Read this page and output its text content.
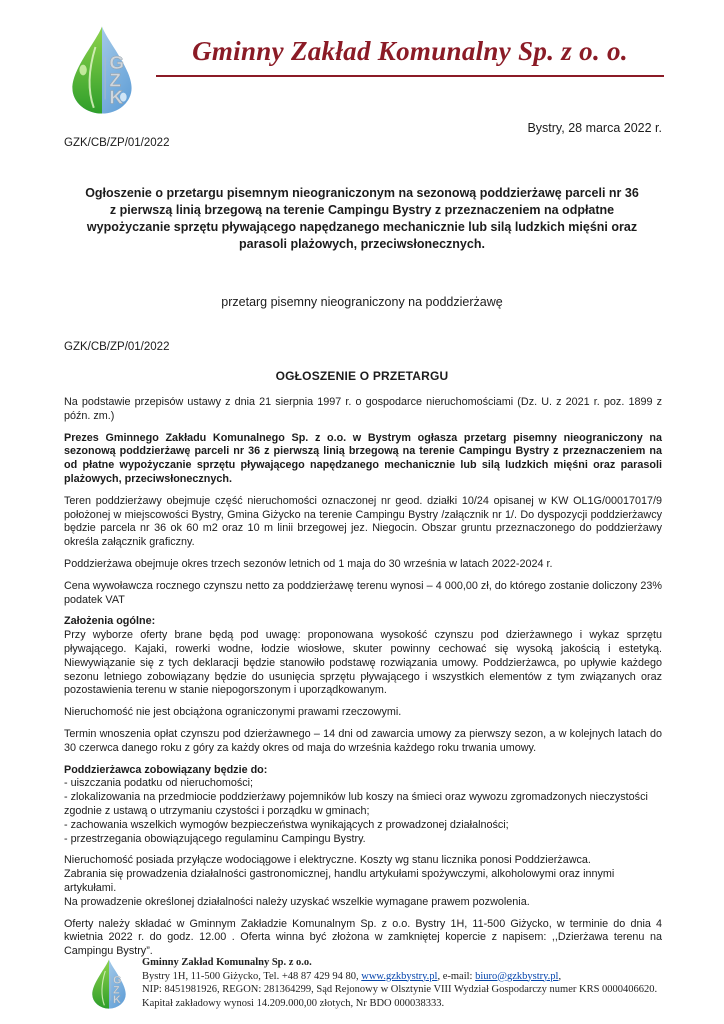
G
Z
K
Gminny Zakład Komunalny Sp. z o. o.
Bystry, 28 marca 2022 r.
GZK/CB/ZP/01/2022
Ogłoszenie o przetargu pisemnym nieograniczonym na sezonową poddzierżawę parceli nr 36 z pierwszą linią brzegową na terenie Campingu Bystry z przeznaczeniem na odpłatne wypożyczanie sprzętu pływającego napędzanego mechanicznie lub silą ludzkich mięśni oraz parasoli plażowych, przeciwsłonecznych.
przetarg pisemny nieograniczony na poddzierżawę
GZK/CB/ZP/01/2022
OGŁOSZENIE O PRZETARGU

Na podstawie przepisów ustawy z dnia 21 sierpnia 1997 r. o gospodarce nieruchomościami (Dz. U. z 2021 r. poz. 1899 z późn. zm.)

Prezes Gminnego Zakładu Komunalnego Sp. z o.o. w Bystrym ogłasza przetarg pisemny nieograniczony na sezonową poddzierżawę parceli nr 36 z pierwszą linią brzegową na terenie Campingu Bystry z przeznaczeniem na od płatne wypożyczanie sprzętu pływającego napędzanego mechanicznie lub silą ludzkich mięśni oraz parasoli plażowych, przeciwsłonecznych.

Teren poddzierżawy obejmuje część nieruchomości oznaczonej nr geod. działki 10/24 opisanej w KW OL1G/00017017/9 położonej w miejscowości Bystry, Gmina Giżycko na terenie Campingu Bystry /załącznik nr 1/. Do dyspozycji poddzierżawcy będzie parcela nr 36 ok 60 m2 oraz 10 m linii brzegowej jez. Niegocin. Obszar gruntu przeznaczonego do poddzierżawy określa załącznik graficzny.

Poddzierżawa obejmuje okres trzech sezonów letnich od 1 maja do 30 września w latach 2022-2024 r.

Cena wywoławcza rocznego czynszu netto za poddzierżawę terenu wynosi – 4 000,00 zł, do którego zostanie doliczony 23% podatek VAT

Założenia ogólne:

Przy wyborze oferty brane będą pod uwagę: proponowana wysokość czynszu pod dzierżawnego i wykaz sprzętu pływającego. Kajaki, rowerki wodne, łodzie wiosłowe, skuter powinny cechować się wysoką jakością i estetyką. Niewywiązanie się z tych deklaracji będzie stanowiło podstawę rozwiązania umowy. Poddzierżawca, po upływie każdego sezonu letniego zobowiązany będzie do usunięcia sprzętu pływającego i wszystkich elementów z tym związanych oraz pozostawienia terenu w stanie niepogorszonym i uporządkowanym.

Nieruchomość nie jest obciążona ograniczonymi prawami rzeczowymi.

Termin wnoszenia opłat czynszu pod dzierżawnego – 14 dni od zawarcia umowy za pierwszy sezon, a w kolejnych latach do 30 czerwca danego roku z góry za każdy okres od maja do września każdego roku trwania umowy.

Poddzierżawca zobowiązany będzie do:

- uiszczania podatku od nieruchomości;
- zlokalizowania na przedmiocie poddzierżawy pojemników lub koszy na śmieci oraz wywozu zgromadzonych nieczystości zgodnie z ustawą o utrzymaniu czystości i porządku w gminach;
- zachowania wszelkich wymogów bezpieczeństwa wynikających z prowadzonej działalności;
- przestrzegania obowiązującego regulaminu Campingu Bystry.

Nieruchomość posiada przyłącze wodociągowe i elektryczne. Koszty wg stanu licznika ponosi Poddzierżawca.

Zabrania się prowadzenia działalności gastronomicznej, handlu artykułami spożywczymi, alkoholowymi oraz innymi artykułami.

Na prowadzenie określonej działalności należy uzyskać wszelkie wymagane prawem pozwolenia.

Oferty należy składać w Gminnym Zakładzie Komunalnym Sp. z o.o. Bystry 1H, 11-500 Giżycko, w terminie do dnia 4 kwietnia 2022 r. do godz. 12.00 . Oferta winna być złożona w zamkniętej kopercie z napisem: ,,Dzierżawa terenu na Campingu Bystry”.

G
Z
K
Gminny Zakład Komunalny Sp. z o.o.
Bystry 1H, 11-500 Giżycko, Tel. +48 87 429 94 80, www.gzkbystry.pl, e-mail: biuro@gzkbystry.pl,
NIP: 8451981926, REGON: 281364299, Sąd Rejonowy w Olsztynie VIII Wydział Gospodarczy numer KRS 0000406620.
Kapitał zakładowy wynosi 14.209.000,00 złotych, Nr BDO 000038333.
